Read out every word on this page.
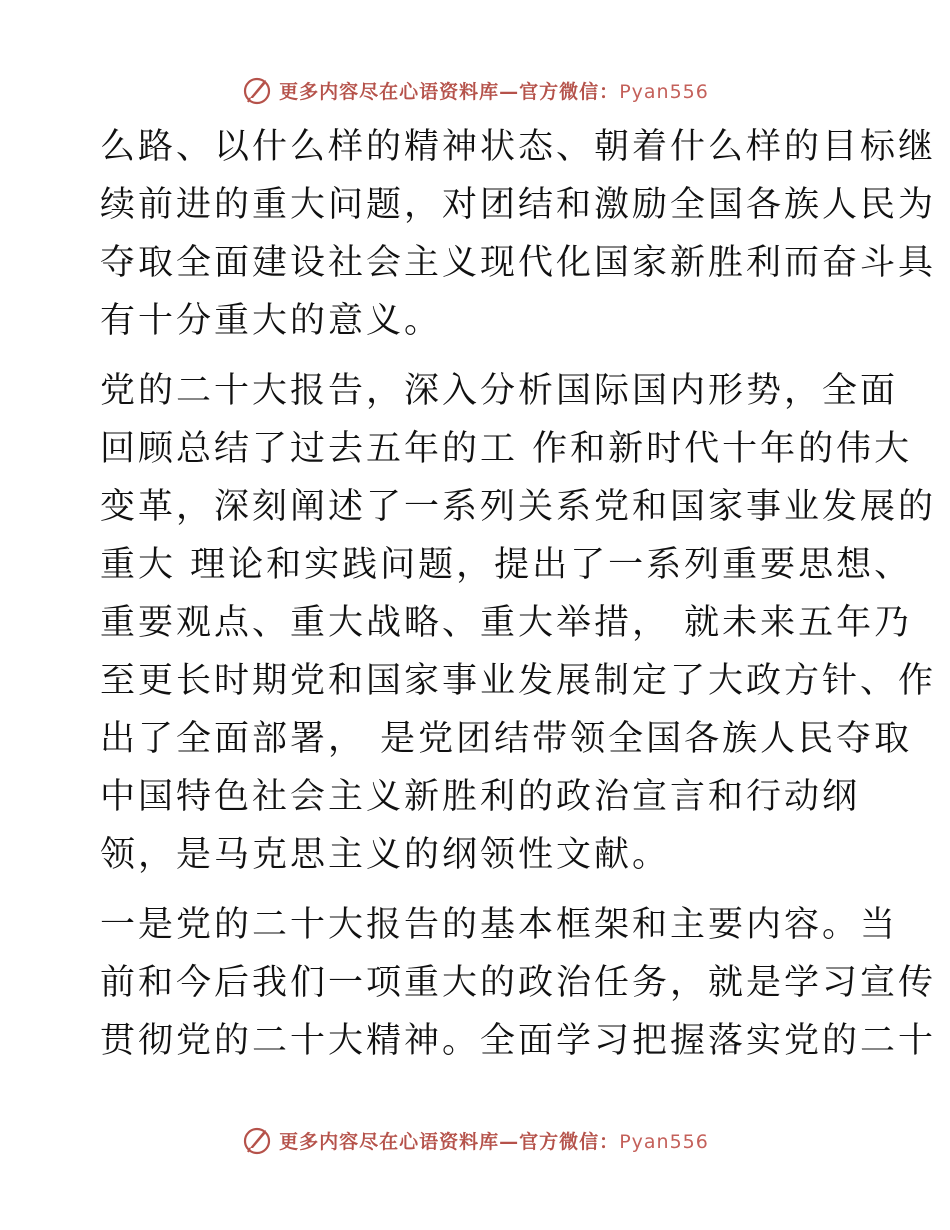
更多内容尽在心语资料库—官方微信：Pyan556

么路、以什么样的精神状态、朝着什么样的目标继
续前进的重大问题，对团结和激励全国各族人民为
夺取全面建设社会主义现代化国家新胜利而奋斗具
有十分重大的意义。

党的二十大报告，深入分析国际国内形势，全面
回顾总结了过去五年的工 作和新时代十年的伟大
变革，深刻阐述了一系列关系党和国家事业发展的
重大 理论和实践问题，提出了一系列重要思想、
重要观点、重大战略、重大举措， 就未来五年乃
至更长时期党和国家事业发展制定了大政方针、作
出了全面部署， 是党团结带领全国各族人民夺取
中国特色社会主义新胜利的政治宣言和行动纲
领，是马克思主义的纲领性文献。

一是党的二十大报告的基本框架和主要内容。当
前和今后我们一项重大的政治任务，就是学习宣传
贯彻党的二十大精神。全面学习把握落实党的二十

更多内容尽在心语资料库—官方微信：Pyan556
